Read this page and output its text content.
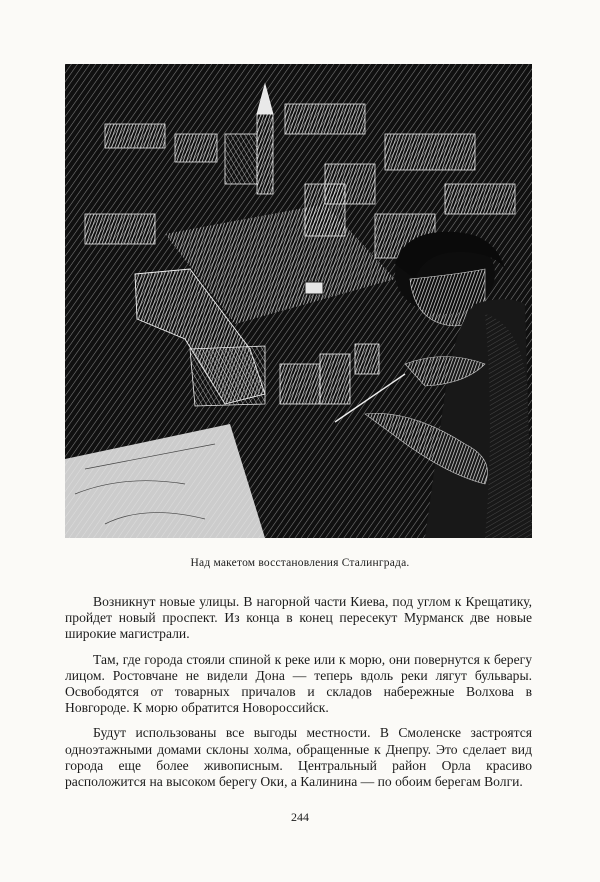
Над макетом восстановления Сталинграда.

Возникнут новые улицы. В нагорной части Киева, под углом к Крещатику, пройдет новый проспект. Из конца в конец пересекут Мурманск две новые широкие магистрали.

Там, где города стояли спиной к реке или к морю, они повернутся к берегу лицом. Ростовчане не видели Дона — теперь вдоль реки лягут бульвары. Освободятся от товарных причалов и складов набережные Волхова в Новгороде. К морю обратится Новороссийск.

Будут использованы все выгоды местности. В Смоленске застроятся одноэтажными домами склоны холма, обращенные к Днепру. Это сделает вид города еще более живописным. Центральный район Орла красиво расположится на высоком берегу Оки, а Калинина — по обоим берегам Волги.

244
